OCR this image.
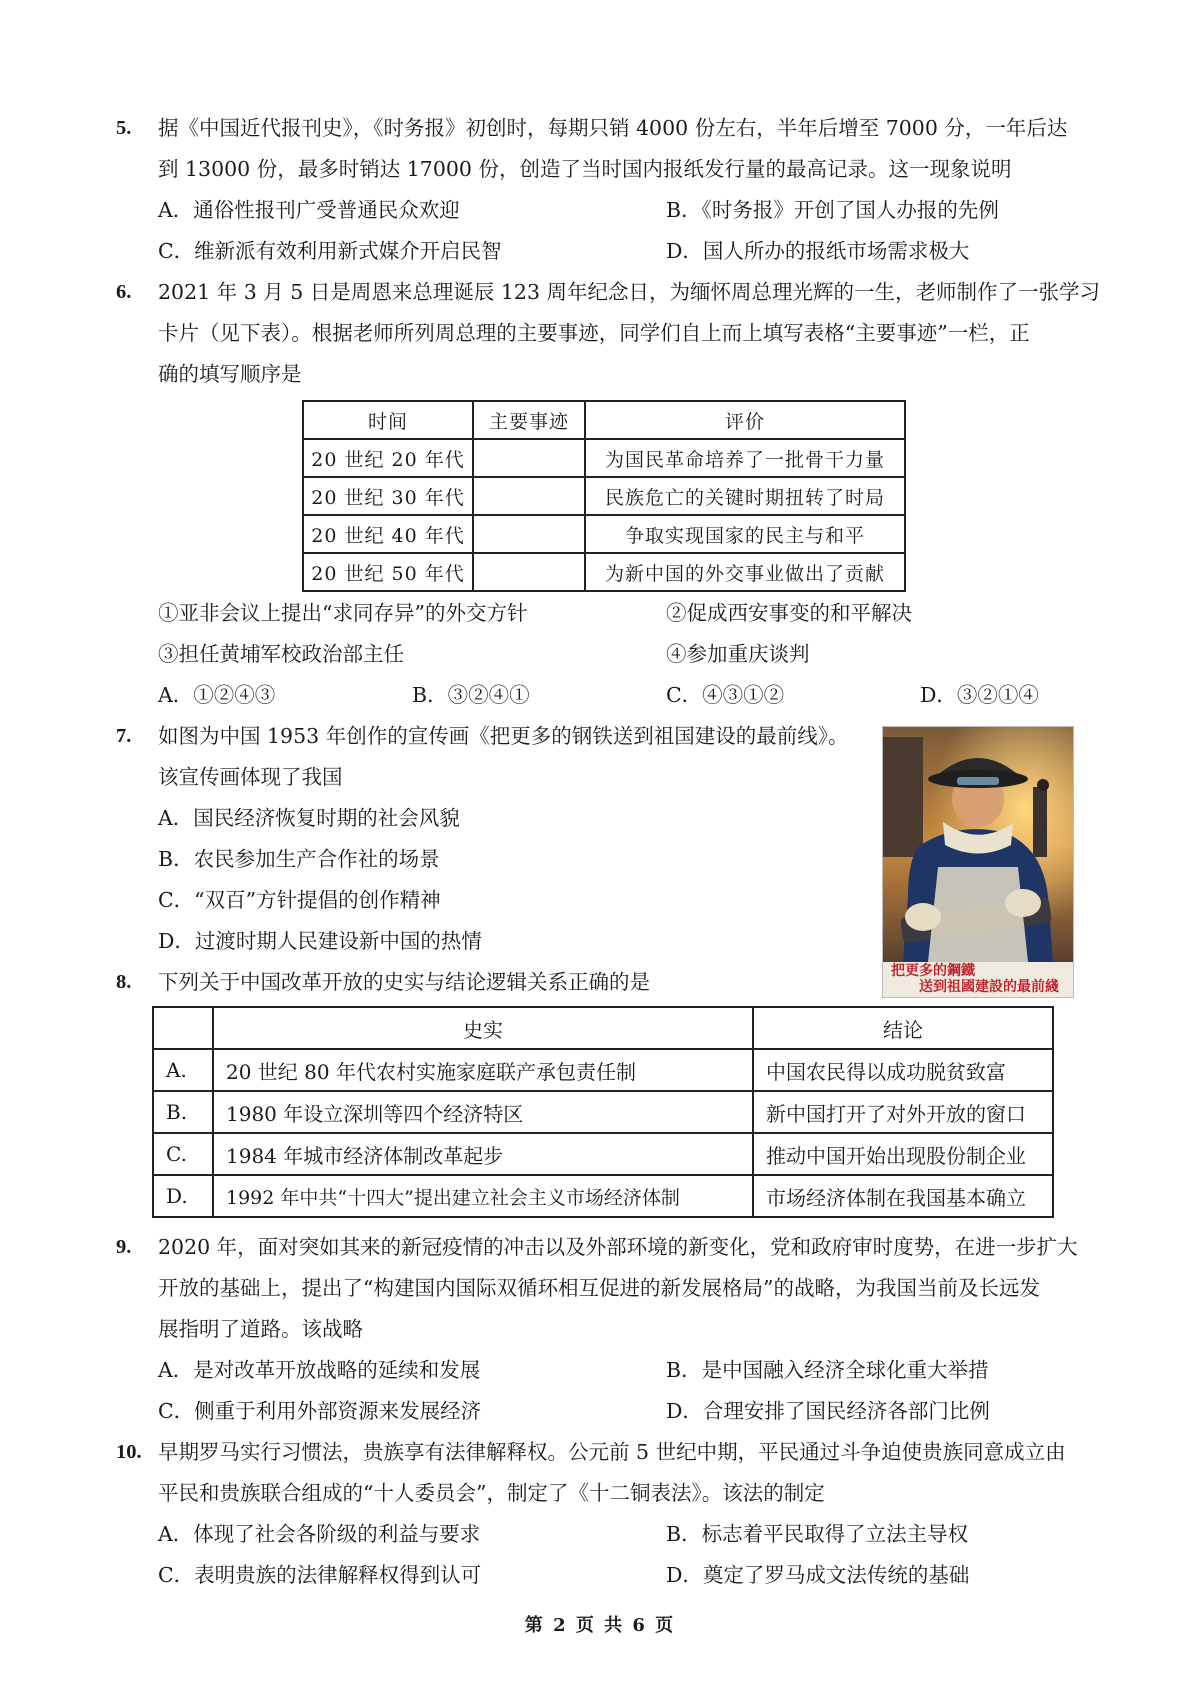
5. 据《中国近代报刊史》，《时务报》初创时，每期只销 4000 份左右，半年后增至 7000 分，一年后达
到 13000 份，最多时销达 17000 份，创造了当时国内报纸发行量的最高记录。这一现象说明
A．通俗性报刊广受普通民众欢迎	B．《时务报》开创了国人办报的先例
C．维新派有效利用新式媒介开启民智	D．国人所办的报纸市场需求极大
6. 2021 年 3 月 5 日是周恩来总理诞辰 123 周年纪念日，为缅怀周总理光辉的一生，老师制作了一张学习
卡片（见下表）。根据老师所列周总理的主要事迹，同学们自上而上填写表格“主要事迹”一栏，正
确的填写顺序是
时间	主要事迹	评价
20 世纪 20 年代		为国民革命培养了一批骨干力量
20 世纪 30 年代		民族危亡的关键时期扭转了时局
20 世纪 40 年代		争取实现国家的民主与和平
20 世纪 50 年代		为新中国的外交事业做出了贡献
①亚非会议上提出“求同存异”的外交方针	②促成西安事变的和平解决
③担任黄埔军校政治部主任	④参加重庆谈判
A．①②④③	B．③②④①	C．④③①②	D．③②①④
7. 如图为中国 1953 年创作的宣传画《把更多的钢铁送到祖国建设的最前线》。
该宣传画体现了我国
A．国民经济恢复时期的社会风貌
B．农民参加生产合作社的场景
C．“双百”方针提倡的创作精神
D．过渡时期人民建设新中国的热情
把更多的鋼鐵
送到祖國建設的最前綫
8. 下列关于中国改革开放的史实与结论逻辑关系正确的是
	史实	结论
A.	20 世纪 80 年代农村实施家庭联产承包责任制	中国农民得以成功脱贫致富
B.	1980 年设立深圳等四个经济特区	新中国打开了对外开放的窗口
C.	1984 年城市经济体制改革起步	推动中国开始出现股份制企业
D.	1992 年中共“十四大”提出建立社会主义市场经济体制	市场经济体制在我国基本确立
9. 2020 年，面对突如其来的新冠疫情的冲击以及外部环境的新变化，党和政府审时度势，在进一步扩大
开放的基础上，提出了“构建国内国际双循环相互促进的新发展格局”的战略，为我国当前及长远发
展指明了道路。该战略
A．是对改革开放战略的延续和发展	B．是中国融入经济全球化重大举措
C．侧重于利用外部资源来发展经济	D．合理安排了国民经济各部门比例
10. 早期罗马实行习惯法，贵族享有法律解释权。公元前 5 世纪中期，平民通过斗争迫使贵族同意成立由
平民和贵族联合组成的“十人委员会”，制定了《十二铜表法》。该法的制定
A．体现了社会各阶级的利益与要求	B．标志着平民取得了立法主导权
C．表明贵族的法律解释权得到认可	D．奠定了罗马成文法传统的基础
第 2 页 共 6 页
